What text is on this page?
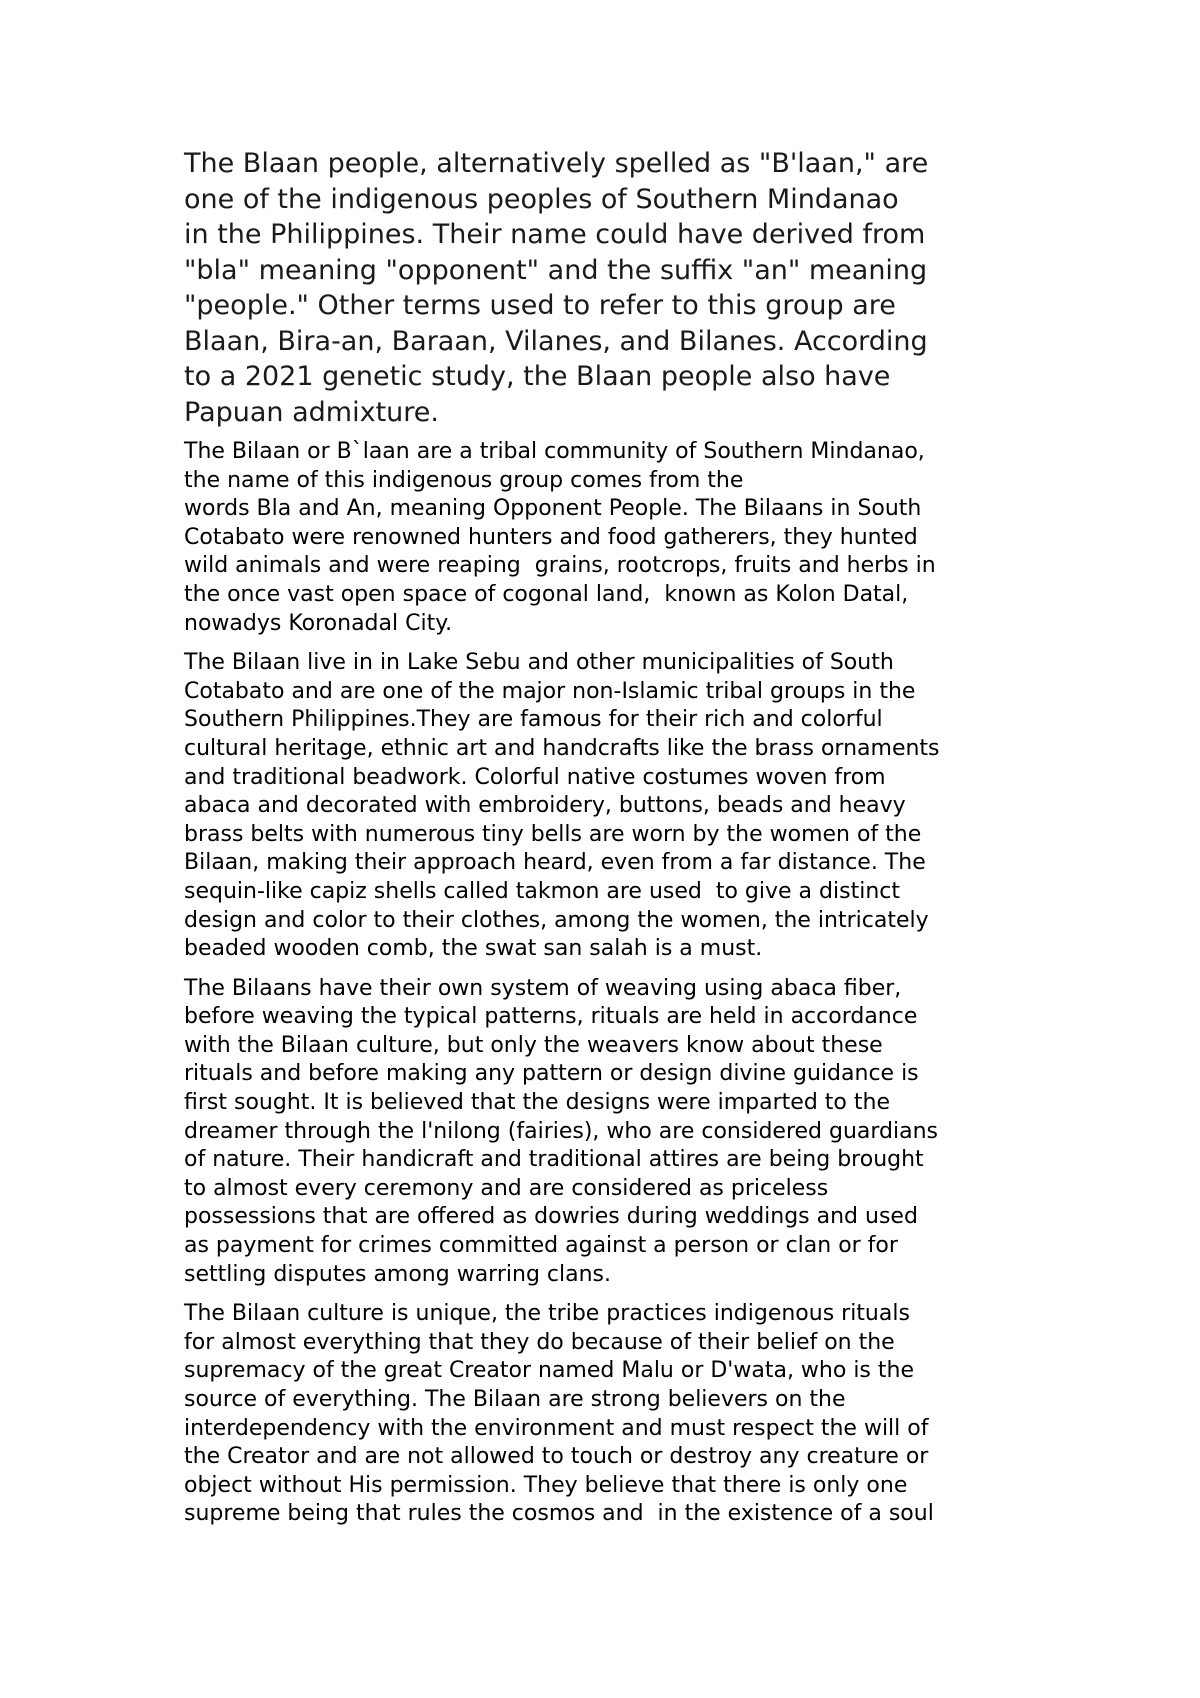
The Blaan people, alternatively spelled as "B'laan," are
one of the indigenous peoples of Southern Mindanao
in the Philippines. Their name could have derived from
"bla" meaning "opponent" and the suffix "an" meaning
"people." Other terms used to refer to this group are
Blaan, Bira-an, Baraan, Vilanes, and Bilanes. According
to a 2021 genetic study, the Blaan people also have
Papuan admixture.

The Bilaan or B`laan are a tribal community of Southern Mindanao,
the name of this indigenous group comes from the
words Bla and An, meaning Opponent People. The Bilaans in South
Cotabato were renowned hunters and food gatherers, they hunted
wild animals and were reaping  grains, rootcrops, fruits and herbs in
the once vast open space of cogonal land,  known as Kolon Datal,
nowadys Koronadal City.

The Bilaan live in in Lake Sebu and other municipalities of South
Cotabato and are one of the major non-Islamic tribal groups in the
Southern Philippines.They are famous for their rich and colorful
cultural heritage, ethnic art and handcrafts like the brass ornaments
and traditional beadwork. Colorful native costumes woven from
abaca and decorated with embroidery, buttons, beads and heavy
brass belts with numerous tiny bells are worn by the women of the
Bilaan, making their approach heard, even from a far distance. The
sequin-like capiz shells called takmon are used  to give a distinct
design and color to their clothes, among the women, the intricately
beaded wooden comb, the swat san salah is a must.

The Bilaans have their own system of weaving using abaca fiber,
before weaving the typical patterns, rituals are held in accordance
with the Bilaan culture, but only the weavers know about these
rituals and before making any pattern or design divine guidance is
first sought. It is believed that the designs were imparted to the
dreamer through the l'nilong (fairies), who are considered guardians
of nature. Their handicraft and traditional attires are being brought
to almost every ceremony and are considered as priceless
possessions that are offered as dowries during weddings and used
as payment for crimes committed against a person or clan or for
settling disputes among warring clans.

The Bilaan culture is unique, the tribe practices indigenous rituals
for almost everything that they do because of their belief on the
supremacy of the great Creator named Malu or D'wata, who is the
source of everything. The Bilaan are strong believers on the
interdependency with the environment and must respect the will of
the Creator and are not allowed to touch or destroy any creature or
object without His permission. They believe that there is only one
supreme being that rules the cosmos and  in the existence of a soul
